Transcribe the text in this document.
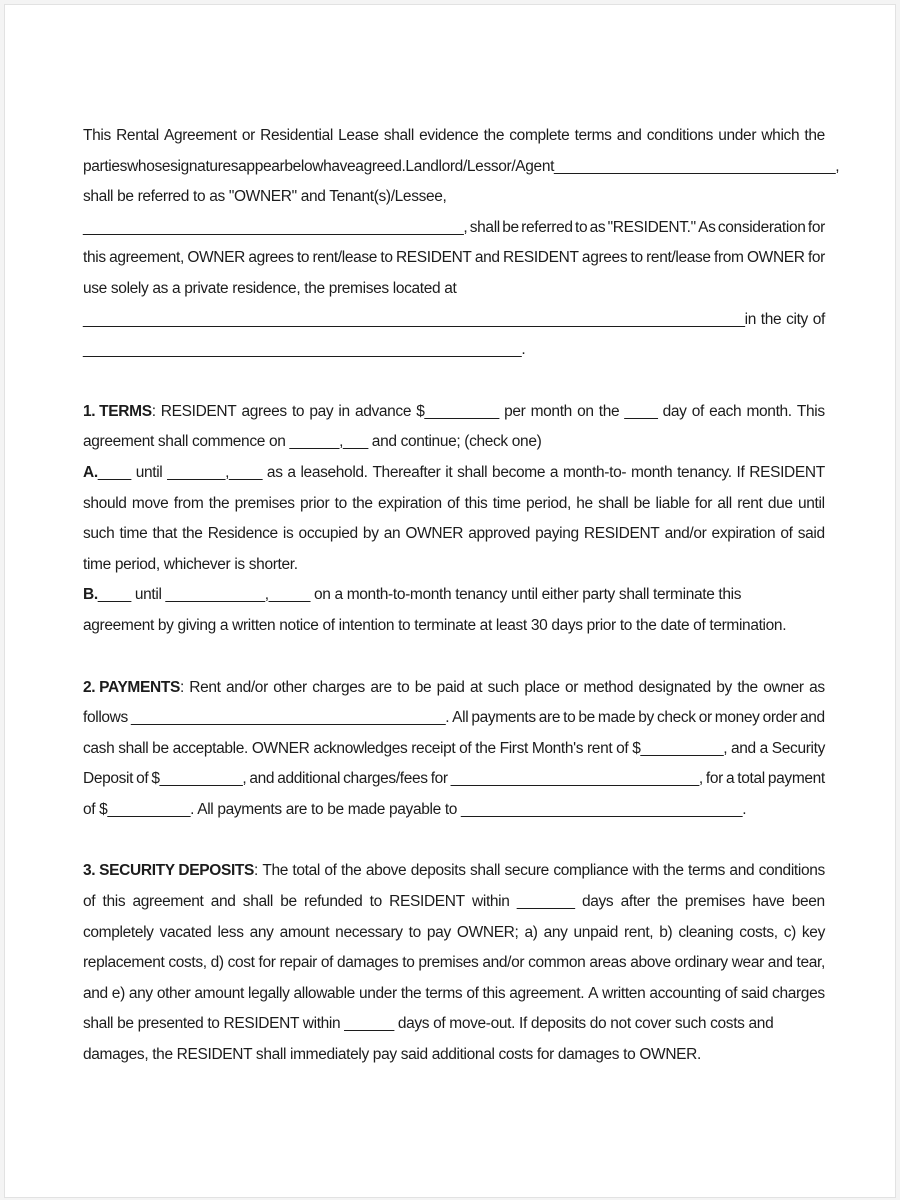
This Rental Agreement or Residential Lease shall evidence the complete terms and conditions under which the
parties whose signatures appear below have agreed. Landlord/Lessor/Agent__________________________________,
shall be referred to as "OWNER" and Tenant(s)/Lessee,
______________________________________________, shall be referred to as "RESIDENT." As consideration for
this agreement, OWNER agrees to rent/lease to RESIDENT and RESIDENT agrees to rent/lease from OWNER for
use solely as a private residence, the premises located at
________________________________________________________________________________in the city of
_____________________________________________________.
1. TERMS: RESIDENT agrees to pay in advance $_________ per month on the ____ day of each month. This
agreement shall commence on ______,___ and continue; (check one)
A.____ until _______,____ as a leasehold. Thereafter it shall become a month-to- month tenancy. If RESIDENT
should move from the premises prior to the expiration of this time period, he shall be liable for all rent due until
such time that the Residence is occupied by an OWNER approved paying RESIDENT and/or expiration of said
time period, whichever is shorter.
B.____ until ____________,_____ on a month-to-month tenancy until either party shall terminate this
agreement by giving a written notice of intention to terminate at least 30 days prior to the date of termination.
2. PAYMENTS: Rent and/or other charges are to be paid at such place or method designated by the owner as
follows ______________________________________. All payments are to be made by check or money order and
cash shall be acceptable. OWNER acknowledges receipt of the First Month's rent of $__________, and a Security
Deposit of $__________, and additional charges/fees for ______________________________, for a total payment
of $__________. All payments are to be made payable to __________________________________.
3. SECURITY DEPOSITS: The total of the above deposits shall secure compliance with the terms and conditions
of this agreement and shall be refunded to RESIDENT within _______ days after the premises have been
completely vacated less any amount necessary to pay OWNER; a) any unpaid rent, b) cleaning costs, c) key
replacement costs, d) cost for repair of damages to premises and/or common areas above ordinary wear and tear,
and e) any other amount legally allowable under the terms of this agreement. A written accounting of said charges
shall be presented to RESIDENT within ______ days of move-out. If deposits do not cover such costs and
damages, the RESIDENT shall immediately pay said additional costs for damages to OWNER.
